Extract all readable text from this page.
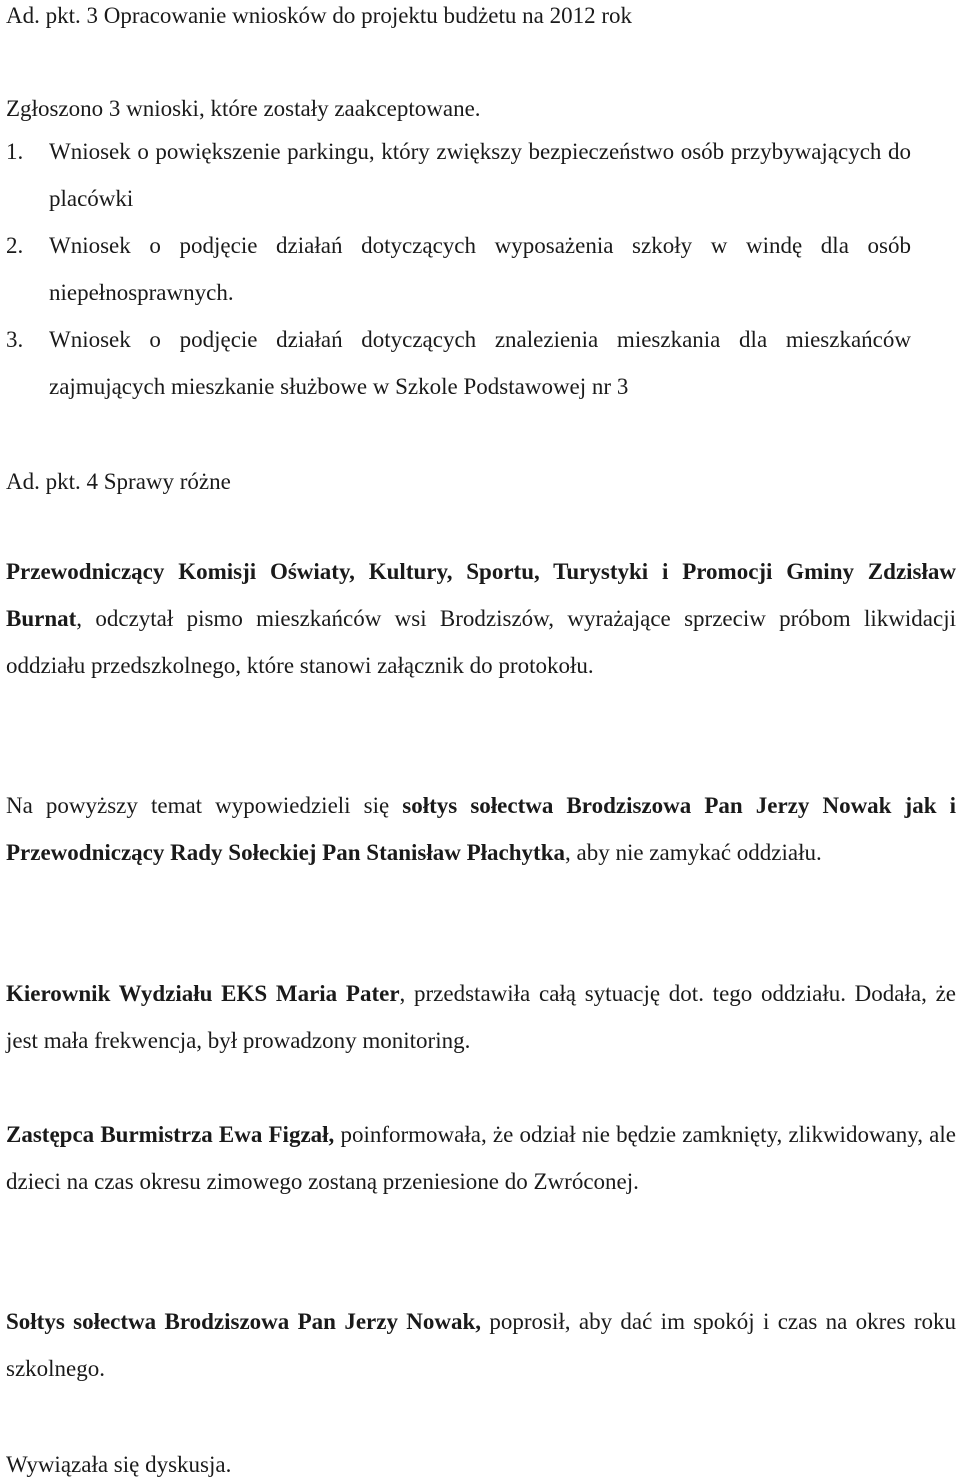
Ad. pkt. 3 Opracowanie wniosków do projektu budżetu na 2012 rok
Zgłoszono 3 wnioski, które zostały zaakceptowane.
1. Wniosek o powiększenie parkingu, który zwiększy bezpieczeństwo osób przybywających do placówki
2. Wniosek o podjęcie działań dotyczących wyposażenia szkoły w windę dla osób niepełnosprawnych.
3. Wniosek o podjęcie działań dotyczących znalezienia mieszkania dla mieszkańców zajmujących mieszkanie służbowe w Szkole Podstawowej nr 3
Ad. pkt. 4 Sprawy różne

Przewodniczący Komisji Oświaty, Kultury, Sportu, Turystyki i Promocji Gminy Zdzisław Burnat, odczytał pismo mieszkańców wsi Brodziszów, wyrażające sprzeciw próbom likwidacji oddziału przedszkolnego, które stanowi załącznik do protokołu.

Na powyższy temat wypowiedzieli się sołtys sołectwa Brodziszowa Pan Jerzy Nowak jak i Przewodniczący Rady Sołeckiej Pan Stanisław Płachytka, aby nie zamykać oddziału.

Kierownik Wydziału EKS Maria Pater, przedstawiła całą sytuację dot. tego oddziału. Dodała, że jest mała frekwencja, był prowadzony monitoring.

Zastępca Burmistrza Ewa Figzał, poinformowała, że odział nie będzie zamknięty, zlikwidowany, ale dzieci na czas okresu zimowego zostaną przeniesione do Zwróconej.

Sołtys sołectwa Brodziszowa Pan Jerzy Nowak, poprosił, aby dać im spokój i czas na okres roku szkolnego.

Wywiązała się dyskusja.
